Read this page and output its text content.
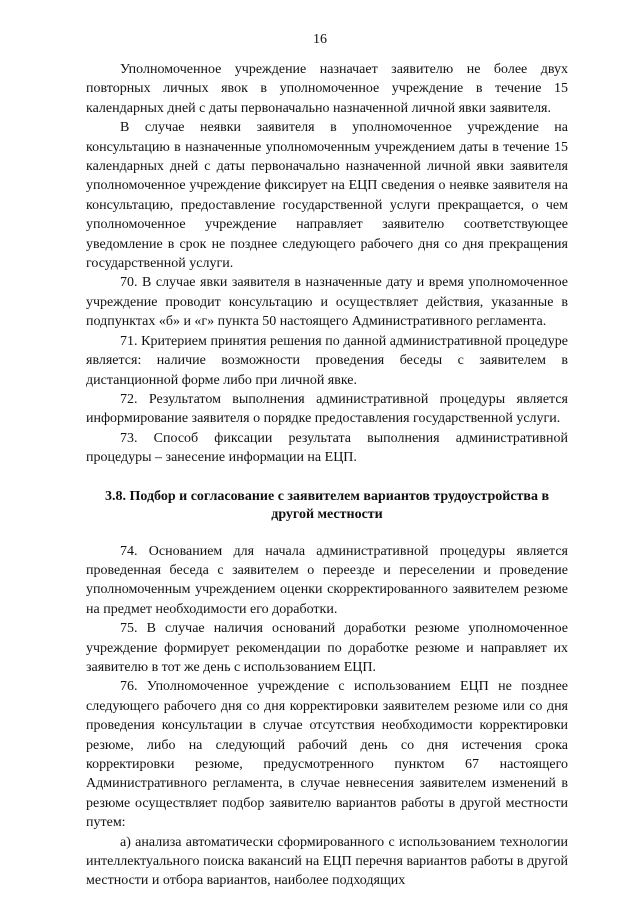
16

Уполномоченное учреждение назначает заявителю не более двух повторных личных явок в уполномоченное учреждение в течение 15 календарных дней с даты первоначально назначенной личной явки заявителя.

В случае неявки заявителя в уполномоченное учреждение на консультацию в назначенные уполномоченным учреждением даты в течение 15 календарных дней с даты первоначально назначенной личной явки заявителя уполномоченное учреждение фиксирует на ЕЦП сведения о неявке заявителя на консультацию, предоставление государственной услуги прекращается, о чем уполномоченное учреждение направляет заявителю соответствующее уведомление в срок не позднее следующего рабочего дня со дня прекращения государственной услуги.

70. В случае явки заявителя в назначенные дату и время уполномоченное учреждение проводит консультацию и осуществляет действия, указанные в подпунктах «б» и «г» пункта 50 настоящего Административного регламента.

71. Критерием принятия решения по данной административной процедуре является: наличие возможности проведения беседы с заявителем в дистанционной форме либо при личной явке.

72. Результатом выполнения административной процедуры является информирование заявителя о порядке предоставления государственной услуги.

73. Способ фиксации результата выполнения административной процедуры – занесение информации на ЕЦП.

3.8. Подбор и согласование с заявителем вариантов трудоустройства в другой местности

74. Основанием для начала административной процедуры является проведенная беседа с заявителем о переезде и переселении и проведение уполномоченным учреждением оценки скорректированного заявителем резюме на предмет необходимости его доработки.

75. В случае наличия оснований доработки резюме уполномоченное учреждение формирует рекомендации по доработке резюме и направляет их заявителю в тот же день с использованием ЕЦП.

76. Уполномоченное учреждение с использованием ЕЦП не позднее следующего рабочего дня со дня корректировки заявителем резюме или со дня проведения консультации в случае отсутствия необходимости корректировки резюме, либо на следующий рабочий день со дня истечения срока корректировки резюме, предусмотренного пунктом 67 настоящего Административного регламента, в случае невнесения заявителем изменений в резюме осуществляет подбор заявителю вариантов работы в другой местности путем:

а) анализа автоматически сформированного с использованием технологии интеллектуального поиска вакансий на ЕЦП перечня вариантов работы в другой местности и отбора вариантов, наиболее подходящих
